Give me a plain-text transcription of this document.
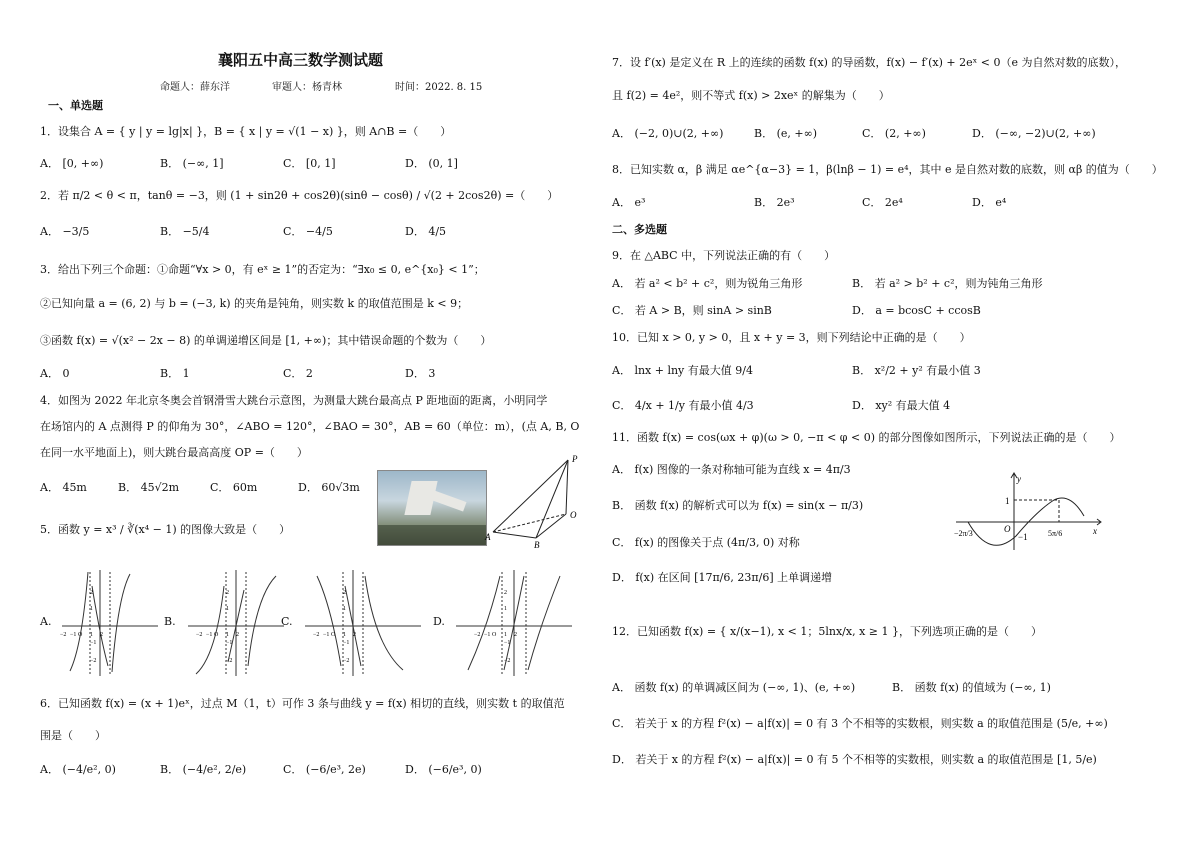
襄阳五中高三数学测试题
命题人：薛东洋	审题人：杨青林	时间：2022. 8. 15
一、单选题
1．设集合 A = { y | y = lg|x| }，B = { x | y = √(1 − x) }，则 A∩B =（　　）
A． [0, +∞)	B． (−∞, 1]	C． [0, 1]	D． (0, 1]
2．若 π/2 < θ < π，tanθ = −3，则 (1 + sin2θ + cos2θ)(sinθ − cosθ) / √(2 + 2cos2θ) =（　　）
A． −3/5	B． −5/4	C． −4/5	D． 4/5
3．给出下列三个命题：①命题“∀x > 0，有 eˣ ≥ 1”的否定为：“∃x₀ ≤ 0, e^{x₀} < 1”；
②已知向量 a = (6, 2) 与 b = (−3, k) 的夹角是钝角，则实数 k 的取值范围是 k < 9；
③函数 f(x) = √(x² − 2x − 8) 的单调递增区间是 [1, +∞)；其中错误命题的个数为（　　）
A． 0	B． 1	C． 2	D． 3
4．如图为 2022 年北京冬奥会首钢滑雪大跳台示意图，为测量大跳台最高点 P 距地面的距离，小明同学
在场馆内的 A 点测得 P 的仰角为 30°，∠ABO = 120°，∠BAO = 30°，AB = 60（单位：m），(点 A, B, O
在同一水平地面上)，则大跳台最高高度 OP =（　　）
A． 45m	B． 45√2m	C． 60m	D． 60√3m
P
O
A
B
5．函数 y = x³ / ∛(x⁴ − 1) 的图像大致是（　　）
A.	B.	C.	D.
−2 −1 O 1 2
2
1
−1
−2
−2 −1 O 1 2
2
1
−1
−2
−2 −1 O 1 2
2
1
−1
−2
−2 −1 O 1 2
2
1
−1
−2
6．已知函数 f(x) = (x + 1)eˣ，过点 M（1，t）可作 3 条与曲线 y = f(x) 相切的直线，则实数 t 的取值范
围是（　　）
A． (−4/e², 0)	B． (−4/e², 2/e)	C． (−6/e³, 2e)	D． (−6/e³, 0)
7．设 f′(x) 是定义在 R 上的连续的函数 f(x) 的导函数，f(x) − f′(x) + 2eˣ < 0（e 为自然对数的底数），
且 f(2) = 4e²，则不等式 f(x) > 2xeˣ 的解集为（　　）
A． (−2, 0)∪(2, +∞)	B． (e, +∞)	C． (2, +∞)	D． (−∞, −2)∪(2, +∞)
8．已知实数 α，β 满足 αe^{α−3} = 1，β(lnβ − 1) = e⁴，其中 e 是自然对数的底数，则 αβ 的值为（　　）
A． e³	B． 2e³	C． 2e⁴	D． e⁴
二、多选题
9．在 △ABC 中，下列说法正确的有（　　）
A． 若 a² < b² + c²，则为锐角三角形	B． 若 a² > b² + c²，则为钝角三角形
C． 若 A > B，则 sinA > sinB	D． a = bcosC + ccosB
10．已知 x > 0, y > 0，且 x + y = 3，则下列结论中正确的是（　　）
A． lnx + lny 有最大值 9/4	B． x²/2 + y² 有最小值 3
C． 4/x + 1/y 有最小值 4/3	D． xy² 有最大值 4
11．函数 f(x) = cos(ωx + φ)(ω > 0, −π < φ < 0) 的部分图像如图所示，下列说法正确的是（　　）
A． f(x) 图像的一条对称轴可能为直线 x = 4π/3
B． 函数 f(x) 的解析式可以为 f(x) = sin(x − π/3)
C． f(x) 的图像关于点 (4π/3, 0) 对称
D． f(x) 在区间 [17π/6, 23π/6] 上单调递增
y
x
1
O
−1
−2π/3	5π/6
12．已知函数 f(x) = { x/(x−1), x < 1；5lnx/x, x ≥ 1 }，下列选项正确的是（　　）
A． 函数 f(x) 的单调减区间为 (−∞, 1)、(e, +∞)	B． 函数 f(x) 的值域为 (−∞, 1)
C． 若关于 x 的方程 f²(x) − a|f(x)| = 0 有 3 个不相等的实数根，则实数 a 的取值范围是 (5/e, +∞)
D． 若关于 x 的方程 f²(x) − a|f(x)| = 0 有 5 个不相等的实数根，则实数 a 的取值范围是 [1, 5/e)
